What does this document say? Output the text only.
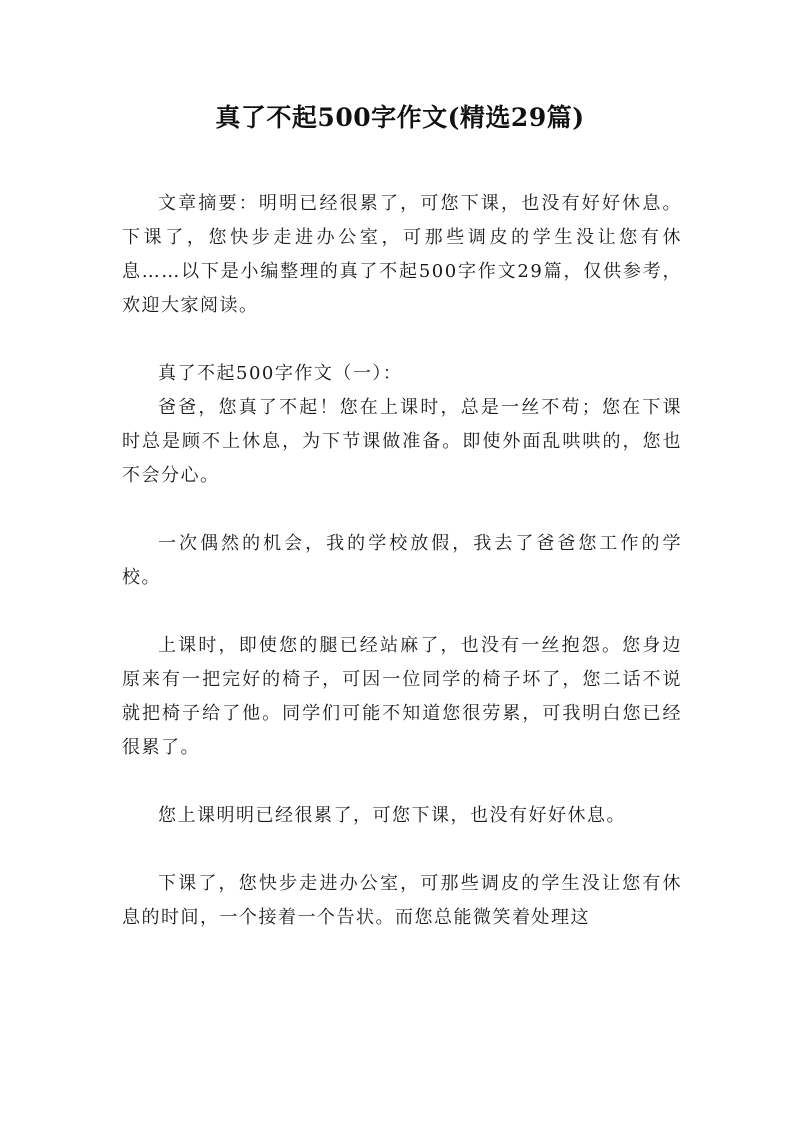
真了不起500字作文(精选29篇)

文章摘要：明明已经很累了，可您下课，也没有好好休息。下课了，您快步走进办公室，可那些调皮的学生没让您有休息……以下是小编整理的真了不起500字作文29篇，仅供参考，欢迎大家阅读。

真了不起500字作文（一）：

爸爸，您真了不起！您在上课时，总是一丝不苟；您在下课时总是顾不上休息，为下节课做准备。即使外面乱哄哄的，您也不会分心。

一次偶然的机会，我的学校放假，我去了爸爸您工作的学校。

上课时，即使您的腿已经站麻了，也没有一丝抱怨。您身边原来有一把完好的椅子，可因一位同学的椅子坏了，您二话不说就把椅子给了他。同学们可能不知道您很劳累，可我明白您已经很累了。

您上课明明已经很累了，可您下课，也没有好好休息。

下课了，您快步走进办公室，可那些调皮的学生没让您有休息的时间，一个接着一个告状。而您总能微笑着处理这
